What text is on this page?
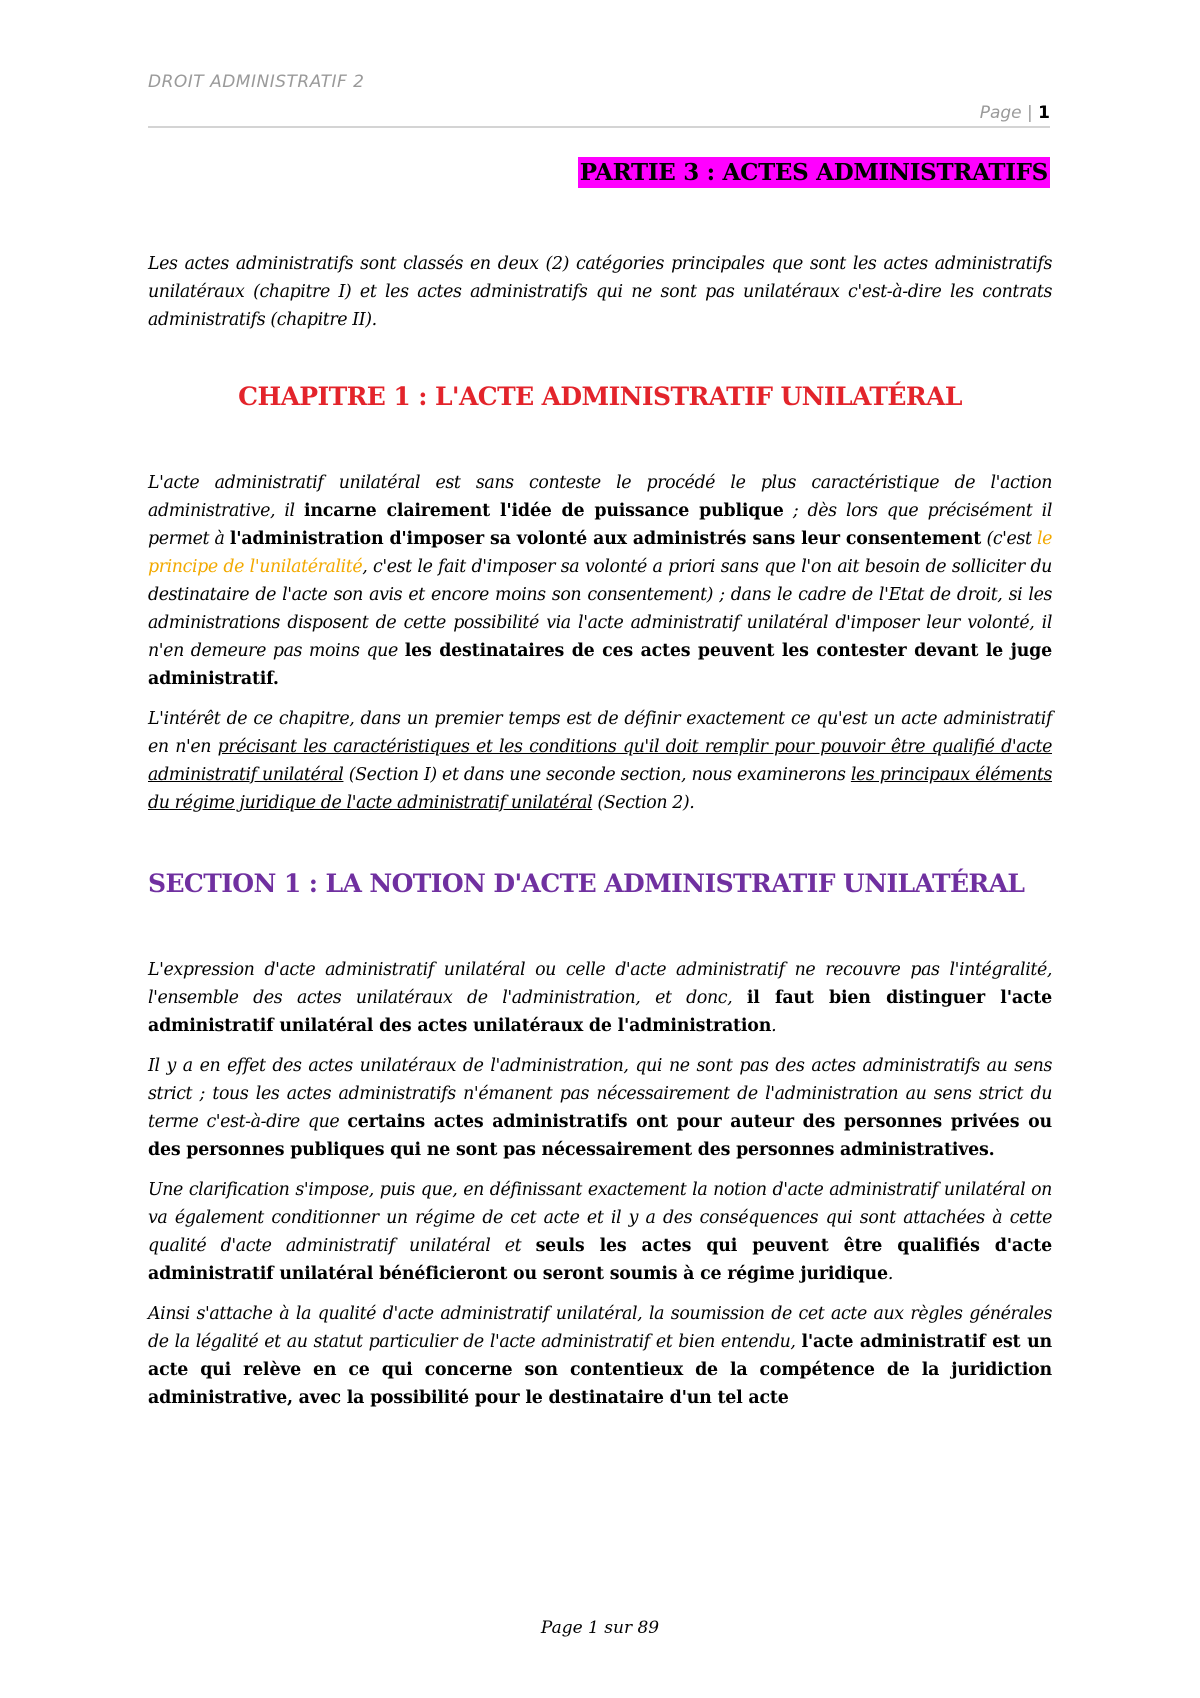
DROIT ADMINISTRATIF 2
Page | 1
PARTIE 3 : ACTES ADMINISTRATIFS

Les actes administratifs sont classés en deux (2) catégories principales que sont les actes administratifs unilatéraux (chapitre I) et les actes administratifs qui ne sont pas unilatéraux c'est-à-dire les contrats administratifs (chapitre II).

CHAPITRE 1 : L'ACTE ADMINISTRATIF UNILATÉRAL

L'acte administratif unilatéral est sans conteste le procédé le plus caractéristique de l'action administrative, il incarne clairement l'idée de puissance publique ; dès lors que précisément il permet à l'administration d'imposer sa volonté aux administrés sans leur consentement (c'est le principe de l'unilatéralité, c'est le fait d'imposer sa volonté a priori sans que l'on ait besoin de solliciter du destinataire de l'acte son avis et encore moins son consentement) ; dans le cadre de l'Etat de droit, si les administrations disposent de cette possibilité via l'acte administratif unilatéral d'imposer leur volonté, il n'en demeure pas moins que les destinataires de ces actes peuvent les contester devant le juge administratif.

L'intérêt de ce chapitre, dans un premier temps est de définir exactement ce qu'est un acte administratif en n'en précisant les caractéristiques et les conditions qu'il doit remplir pour pouvoir être qualifié d'acte administratif unilatéral (Section I) et dans une seconde section, nous examinerons les principaux éléments du régime juridique de l'acte administratif unilatéral (Section 2).

SECTION 1 : LA NOTION D'ACTE ADMINISTRATIF UNILATÉRAL

L'expression d'acte administratif unilatéral ou celle d'acte administratif ne recouvre pas l'intégralité, l'ensemble des actes unilatéraux de l'administration, et donc, il faut bien distinguer l'acte administratif unilatéral des actes unilatéraux de l'administration.

Il y a en effet des actes unilatéraux de l'administration, qui ne sont pas des actes administratifs au sens strict ; tous les actes administratifs n'émanent pas nécessairement de l'administration au sens strict du terme c'est-à-dire que certains actes administratifs ont pour auteur des personnes privées ou des personnes publiques qui ne sont pas nécessairement des personnes administratives.

Une clarification s'impose, puis que, en définissant exactement la notion d'acte administratif unilatéral on va également conditionner un régime de cet acte et il y a des conséquences qui sont attachées à cette qualité d'acte administratif unilatéral et seuls les actes qui peuvent être qualifiés d'acte administratif unilatéral bénéficieront ou seront soumis à ce régime juridique.

Ainsi s'attache à la qualité d'acte administratif unilatéral, la soumission de cet acte aux règles générales de la légalité et au statut particulier de l'acte administratif et bien entendu, l'acte administratif est un acte qui relève en ce qui concerne son contentieux de la compétence de la juridiction administrative, avec la possibilité pour le destinataire d'un tel acte

Page 1 sur 89
